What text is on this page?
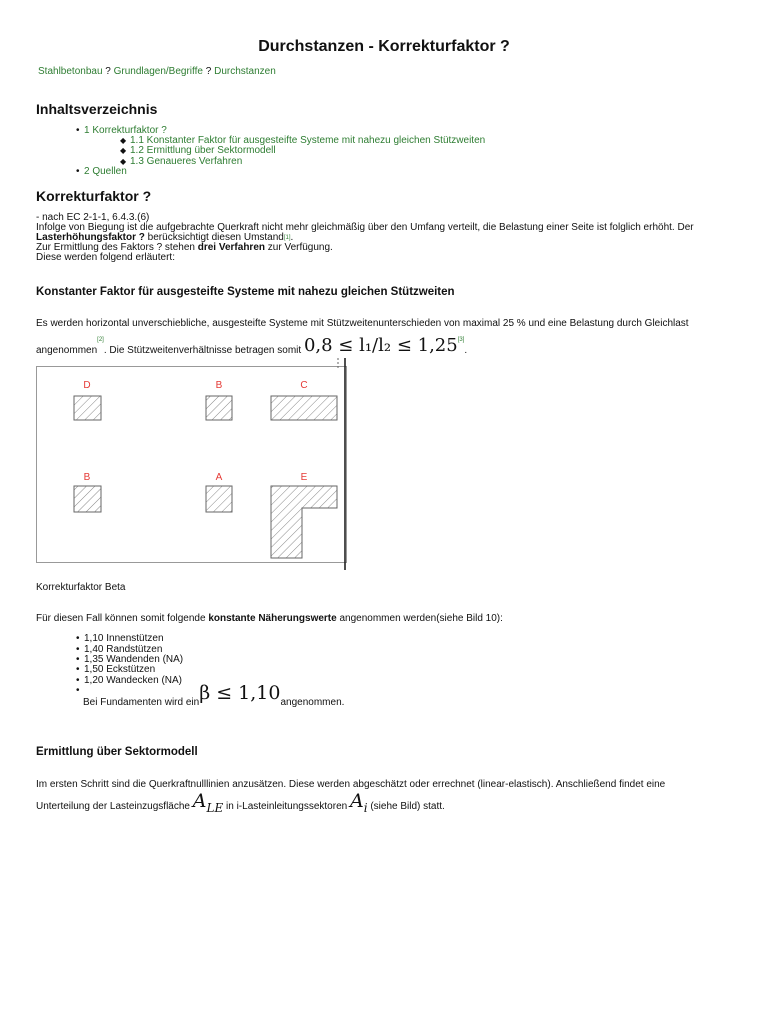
Durchstanzen - Korrekturfaktor ?
Stahlbetonbau ? Grundlagen/Begriffe ? Durchstanzen
Inhaltsverzeichnis
• 1 Korrekturfaktor ?
◆ 1.1 Konstanter Faktor für ausgesteifte Systeme mit nahezu gleichen Stützweiten
◆ 1.2 Ermittlung über Sektormodell
◆ 1.3 Genaueres Verfahren
• 2 Quellen
Korrekturfaktor ?
- nach EC 2-1-1, 6.4.3.(6)
Infolge von Biegung ist die aufgebrachte Querkraft nicht mehr gleichmäßig über den Umfang verteilt, die Belastung einer Seite ist folglich erhöht. Der
Lasterhöhungsfaktor ? berücksichtigt diesen Umstand[1].
Zur Ermittlung des Faktors ? stehen drei Verfahren zur Verfügung.
Diese werden folgend erläutert:
Konstanter Faktor für ausgesteifte Systeme mit nahezu gleichen Stützweiten
Es werden horizontal unverschiebliche, ausgesteifte Systeme mit Stützweitenunterschieden von maximal 25 % und eine Belastung durch Gleichlast
angenommen[2]. Die Stützweitenverhältnisse betragen somit 0,8 ≤ l₁/l₂ ≤ 1,25[3].
D	B	C
B	A	E
Korrekturfaktor Beta
Für diesen Fall können somit folgende konstante Näherungswerte angenommen werden(siehe Bild 10):
• 1,10 Innenstützen
• 1,40 Randstützen
• 1,35 Wandenden (NA)
• 1,50 Eckstützen
• 1,20 Wandecken (NA)
•
Bei Fundamenten wird einβ ≤ 1,10angenommen.
Ermittlung über Sektormodell
Im ersten Schritt sind die Querkraftnulllinien anzusätzen. Diese werden abgeschätzt oder errechnet (linear-elastisch). Anschließend findet eine
Unterteilung der Lasteinzugsfläche $A_{LE}$ in i-Lasteinleitungssektoren $A_i$ (siehe Bild) statt.
